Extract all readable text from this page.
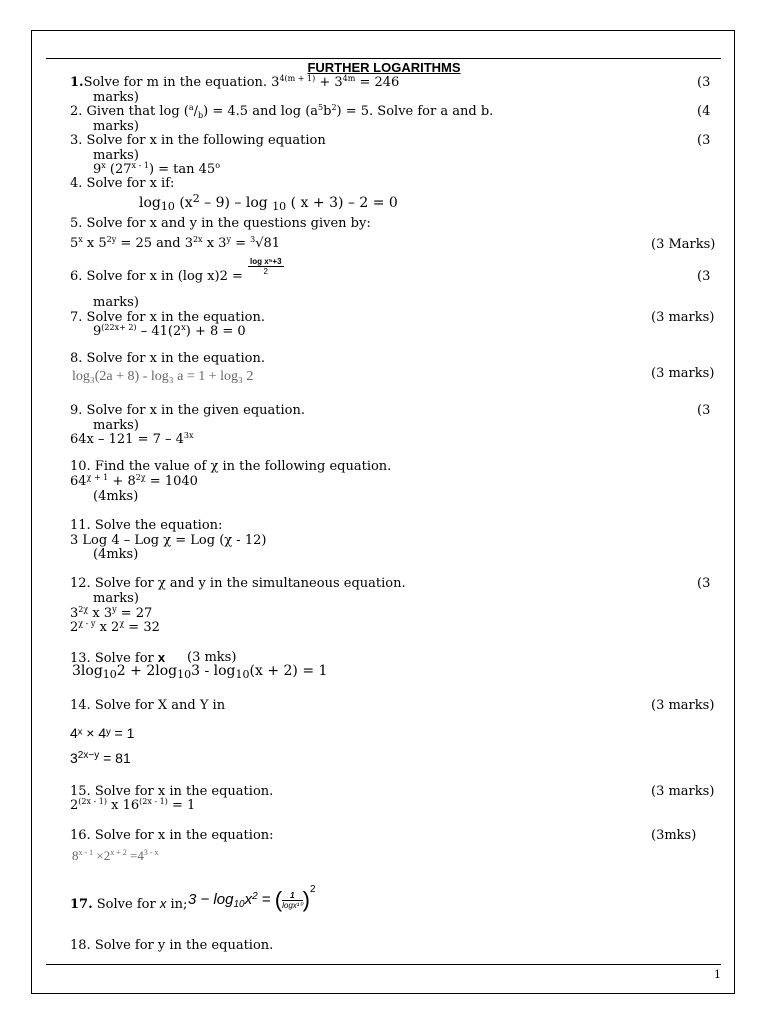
FURTHER LOGARITHMS
1.Solve for m in the equation. $3^{4(m + 1)} + 3^{4m} = 246$	(3
marks)
2. Given that $\log (^a/_b) = 4.5$ and $\log (a^5b^2) = 5$. Solve for a and b.	(4
marks)
3. Solve for x in the following equation	(3
marks)
9$^x$ $(27^{x - 1}) = \tan 45^o$
4. Solve for x if:
$\log_{10} (x^2 - 9)$ – log $_{10}$ ( x + 3) – 2 = 0
5. Solve for x and y in the questions given by:
5$^x$ x $5^{2y} = 25$ and $3^{2x}$ x $3^y = ^3√81$	(3 Marks)
6. Solve for x in (log x)2 =
$\frac{\text{log x⁵+3}}{2}$
(3
marks)
7. Solve for x in the equation.	(3 marks)
$9^{(22x+ 2)} - 41(2^x) + 8 = 0$
8. Solve for x in the equation.
log₃(2a + 8) - log₃ a = 1 + log₃ 2	(3 marks)
9. Solve for x in the given equation.	(3
marks)
$64x - 121 = 7 - 4^{3x}$
10. Find the value of χ in the following equation.
$64^{\chi + 1} + 8^{2\chi} = 1040$
(4mks)
11. Solve the equation:
3 Log 4 – Log χ = Log (χ - 12)
(4mks)
12. Solve for χ and y in the simultaneous equation.	(3
marks)
$3^{2\chi}$ x $3^y = 27$
$2^{\chi - y}$ x $2^\chi = 32$
13. Solve for x (3 mks)
$3\log_{10}2 + 2\log_{10}3 - \log_{10}(x + 2) = 1$
14. Solve for X and Y in	(3 marks)
4ˣ × 4ʸ = 1
$3^{2x-y} = 81$
15. Solve for x in the equation.	(3 marks)
$2^{(2x - 1)}$ x $16^{(2x - 1)} = 1$
16. Solve for x in the equation:	(3mks)
$8^{x - 1} \times 2^{x + 2} =4^{3 - x}$
17. Solve for x in; $3 - \log_{10}x^2$ = ( $\frac{1}{\text{logx¹⁰}} )^2$
18. Solve for y in the equation.
1
